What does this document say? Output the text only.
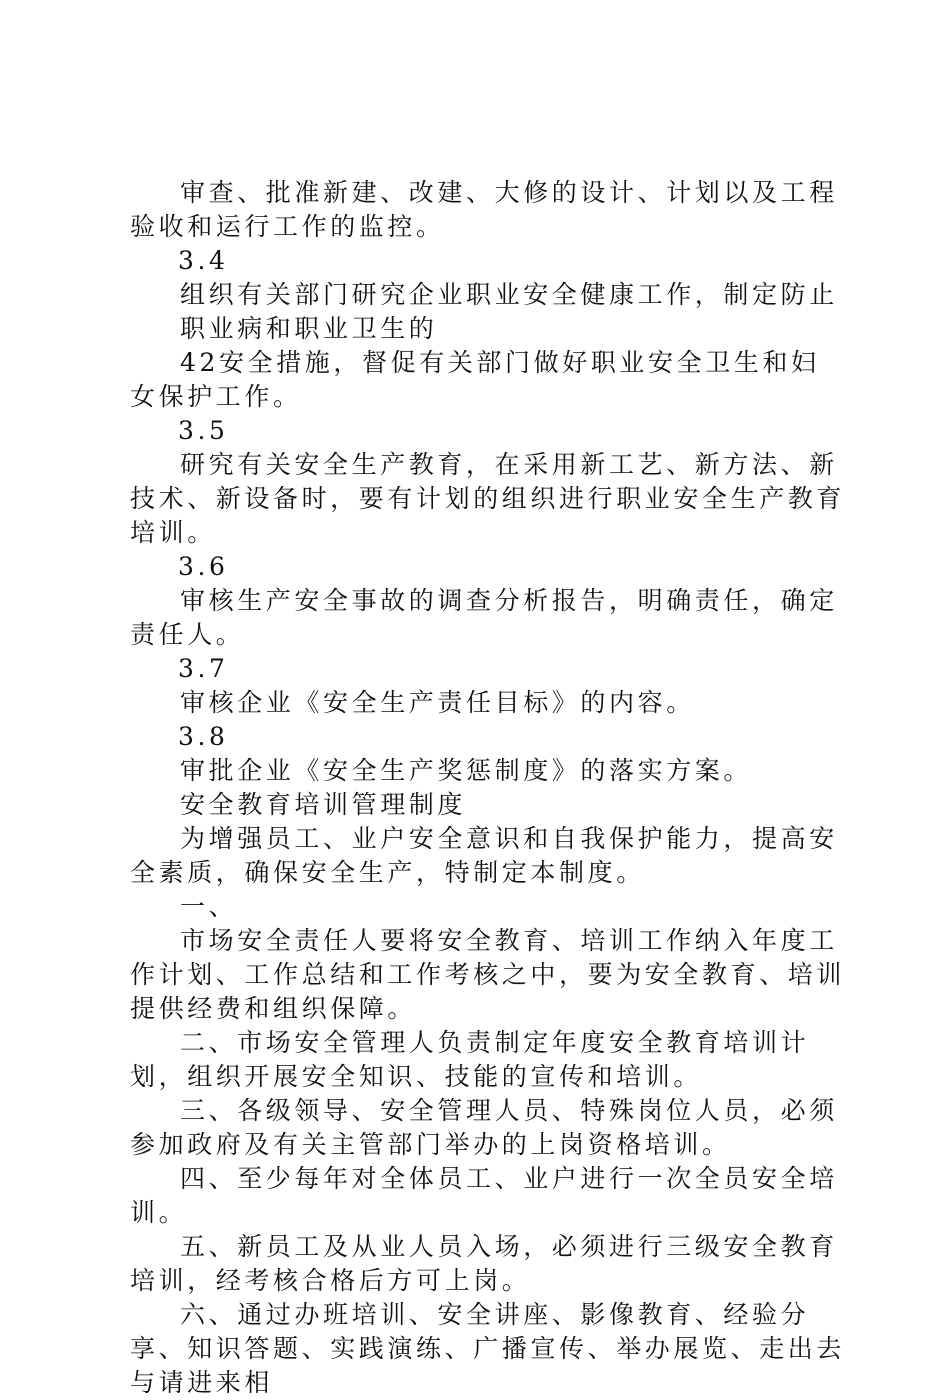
审查、批准新建、改建、大修的设计、计划以及工程验收和运行工作的监控。

3.4

组织有关部门研究企业职业安全健康工作，制定防止职业病和职业卫生的

42安全措施，督促有关部门做好职业安全卫生和妇女保护工作。

3.5

研究有关安全生产教育，在采用新工艺、新方法、新技术、新设备时，要有计划的组织进行职业安全生产教育培训。

3.6

审核生产安全事故的调查分析报告，明确责任，确定责任人。

3.7

审核企业《安全生产责任目标》的内容。

3.8

审批企业《安全生产奖惩制度》的落实方案。

安全教育培训管理制度

为增强员工、业户安全意识和自我保护能力，提高安全素质，确保安全生产，特制定本制度。

一、

市场安全责任人要将安全教育、培训工作纳入年度工作计划、工作总结和工作考核之中，要为安全教育、培训提供经费和组织保障。

二、市场安全管理人负责制定年度安全教育培训计划，组织开展安全知识、技能的宣传和培训。

三、各级领导、安全管理人员、特殊岗位人员，必须参加政府及有关主管部门举办的上岗资格培训。

四、至少每年对全体员工、业户进行一次全员安全培训。

五、新员工及从业人员入场，必须进行三级安全教育培训，经考核合格后方可上岗。

六、通过办班培训、安全讲座、影像教育、经验分享、知识答题、实践演练、广播宣传、举办展览、走出去与请进来相
